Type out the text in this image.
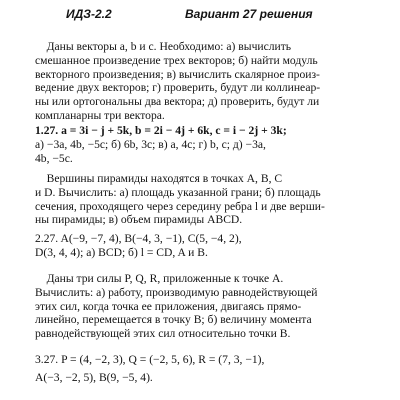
ИДЗ-2.2	Вариант 27 решения
Даны векторы a, b и c. Необходимо: а) вычислить
смешанное произведение трех векторов; б) найти модуль
векторного произведения; в) вычислить скалярное произ-
ведение двух векторов; г) проверить, будут ли коллинеар-
ны или ортогональны два вектора; д) проверить, будут ли
компланарны три вектора.
1.27. a = 3i − j + 5k, b = 2i − 4j + 6k, c = i − 2j + 3k;
а) −3a, 4b, −5c; б) 6b, 3c; в) a, 4c; г) b, c; д) −3a,
4b, −5c.
Вершины пирамиды находятся в точках A, B, C
и D. Вычислить: а) площадь указанной грани; б) площадь
сечения, проходящего через середину ребра l и две верши-
ны пирамиды; в) объем пирамиды ABCD.
2.27. A(−9, −7, 4), B(−4, 3, −1), C(5, −4, 2),
D(3, 4, 4); а) BCD; б) l = CD, A и B.
Даны три силы P, Q, R, приложенные к точке A.
Вычислить: а) работу, производимую равнодействующей
этих сил, когда точка ее приложения, двигаясь прямо-
линейно, перемещается в точку B; б) величину момента
равнодействующей этих сил относительно точки B.
3.27. P = (4, −2, 3), Q = (−2, 5, 6), R = (7, 3, −1),
A(−3, −2, 5), B(9, −5, 4).
